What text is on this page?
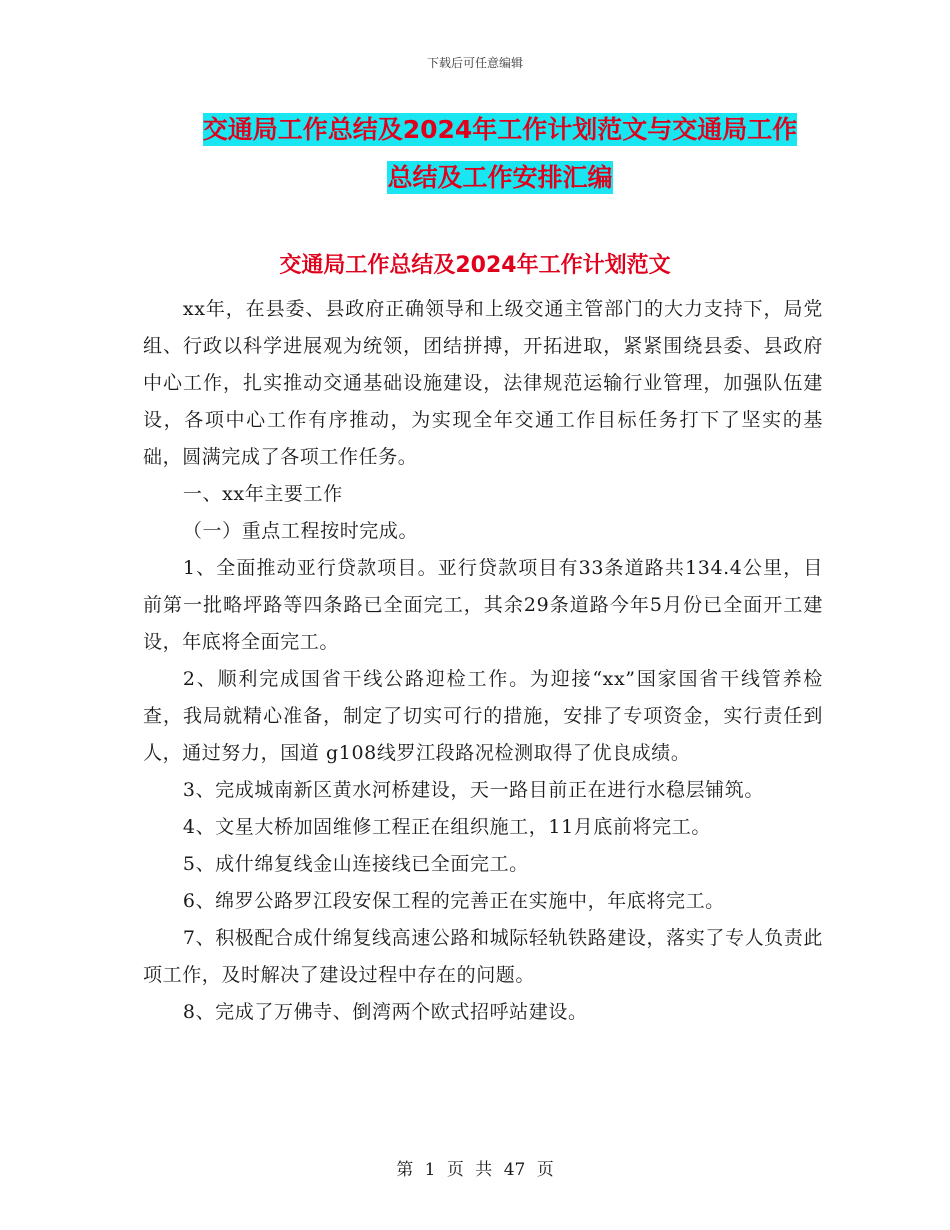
下载后可任意编辑
交通局工作总结及2024年工作计划范文与交通局工作
总结及工作安排汇编
交通局工作总结及2024年工作计划范文

xx年，在县委、县政府正确领导和上级交通主管部门的大力支持下，局党组、行政以科学进展观为统领，团结拼搏，开拓进取，紧紧围绕县委、县政府中心工作，扎实推动交通基础设施建设，法律规范运输行业管理，加强队伍建设，各项中心工作有序推动，为实现全年交通工作目标任务打下了坚实的基础，圆满完成了各项工作任务。

一、xx年主要工作

（一）重点工程按时完成。

1、全面推动亚行贷款项目。亚行贷款项目有33条道路共134.4公里，目前第一批略坪路等四条路已全面完工，其余29条道路今年5月份已全面开工建设，年底将全面完工。

2、顺利完成国省干线公路迎检工作。为迎接“xx”国家国省干线管养检查，我局就精心准备，制定了切实可行的措施，安排了专项资金，实行责任到人，通过努力，国道 g108线罗江段路况检测取得了优良成绩。

3、完成城南新区黄水河桥建设，天一路目前正在进行水稳层铺筑。

4、文星大桥加固维修工程正在组织施工，11月底前将完工。

5、成什绵复线金山连接线已全面完工。

6、绵罗公路罗江段安保工程的完善正在实施中，年底将完工。

7、积极配合成什绵复线高速公路和城际轻轨铁路建设，落实了专人负责此项工作，及时解决了建设过程中存在的问题。

8、完成了万佛寺、倒湾两个欧式招呼站建设。

第 1 页 共 47 页
